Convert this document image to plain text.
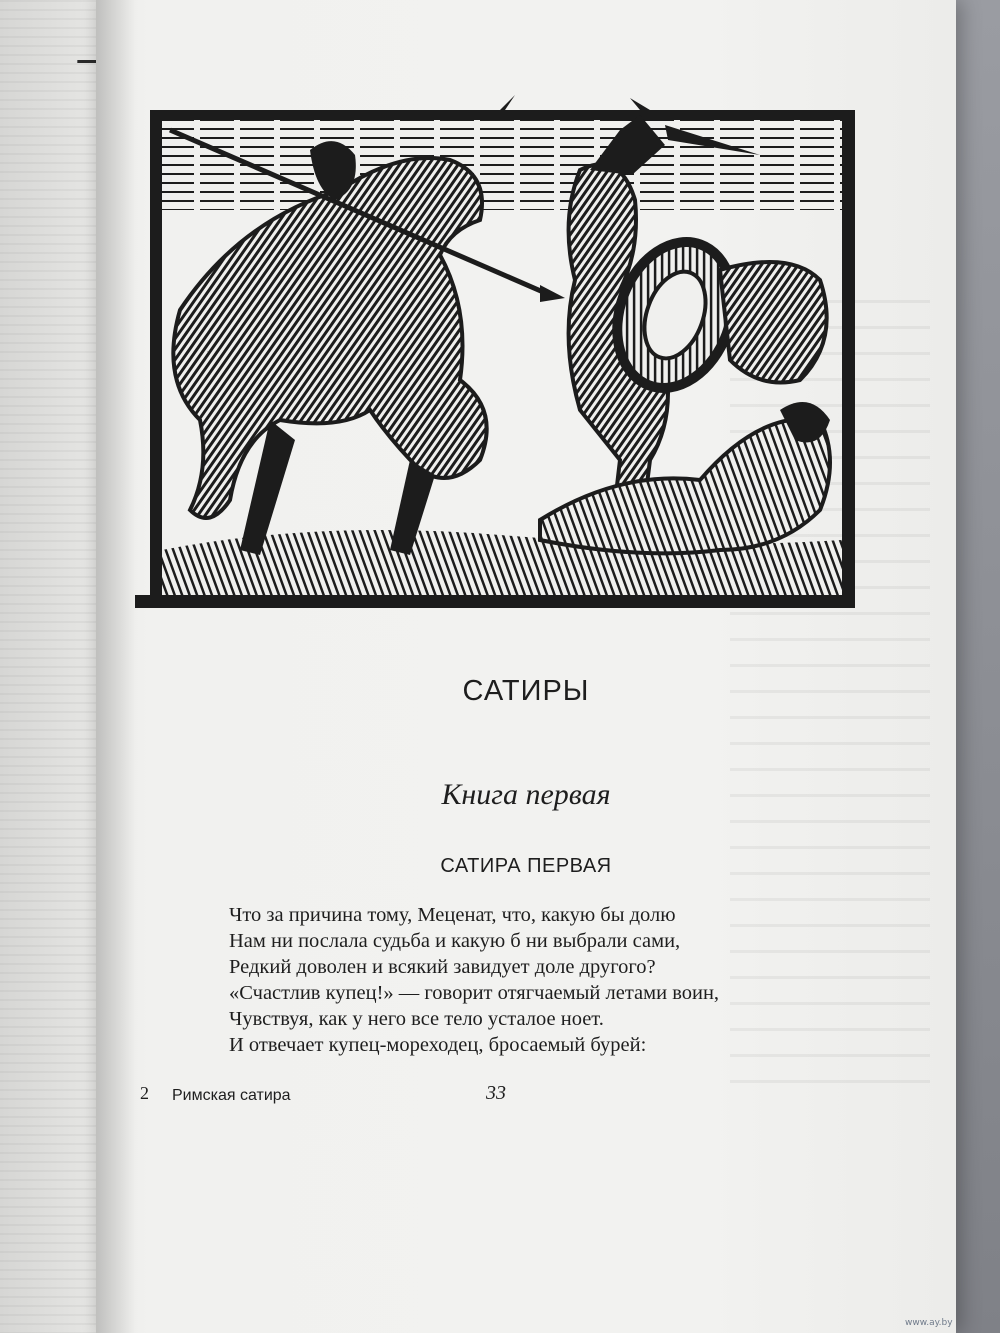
САТИРЫ
Книга первая
САТИРА ПЕРВАЯ
Что за причина тому, Меценат, что, какую бы долю
Нам ни послала судьба и какую б ни выбрали сами,
Редкий доволен и всякий завидует доле другого?
«Счастлив купец!» — говорит отягчаемый летами воин,
Чувствуя, как у него все тело усталое ноет.
И отвечает купец-мореходец, бросаемый бурей:
2 Римская сатира	33
www.ay.by
